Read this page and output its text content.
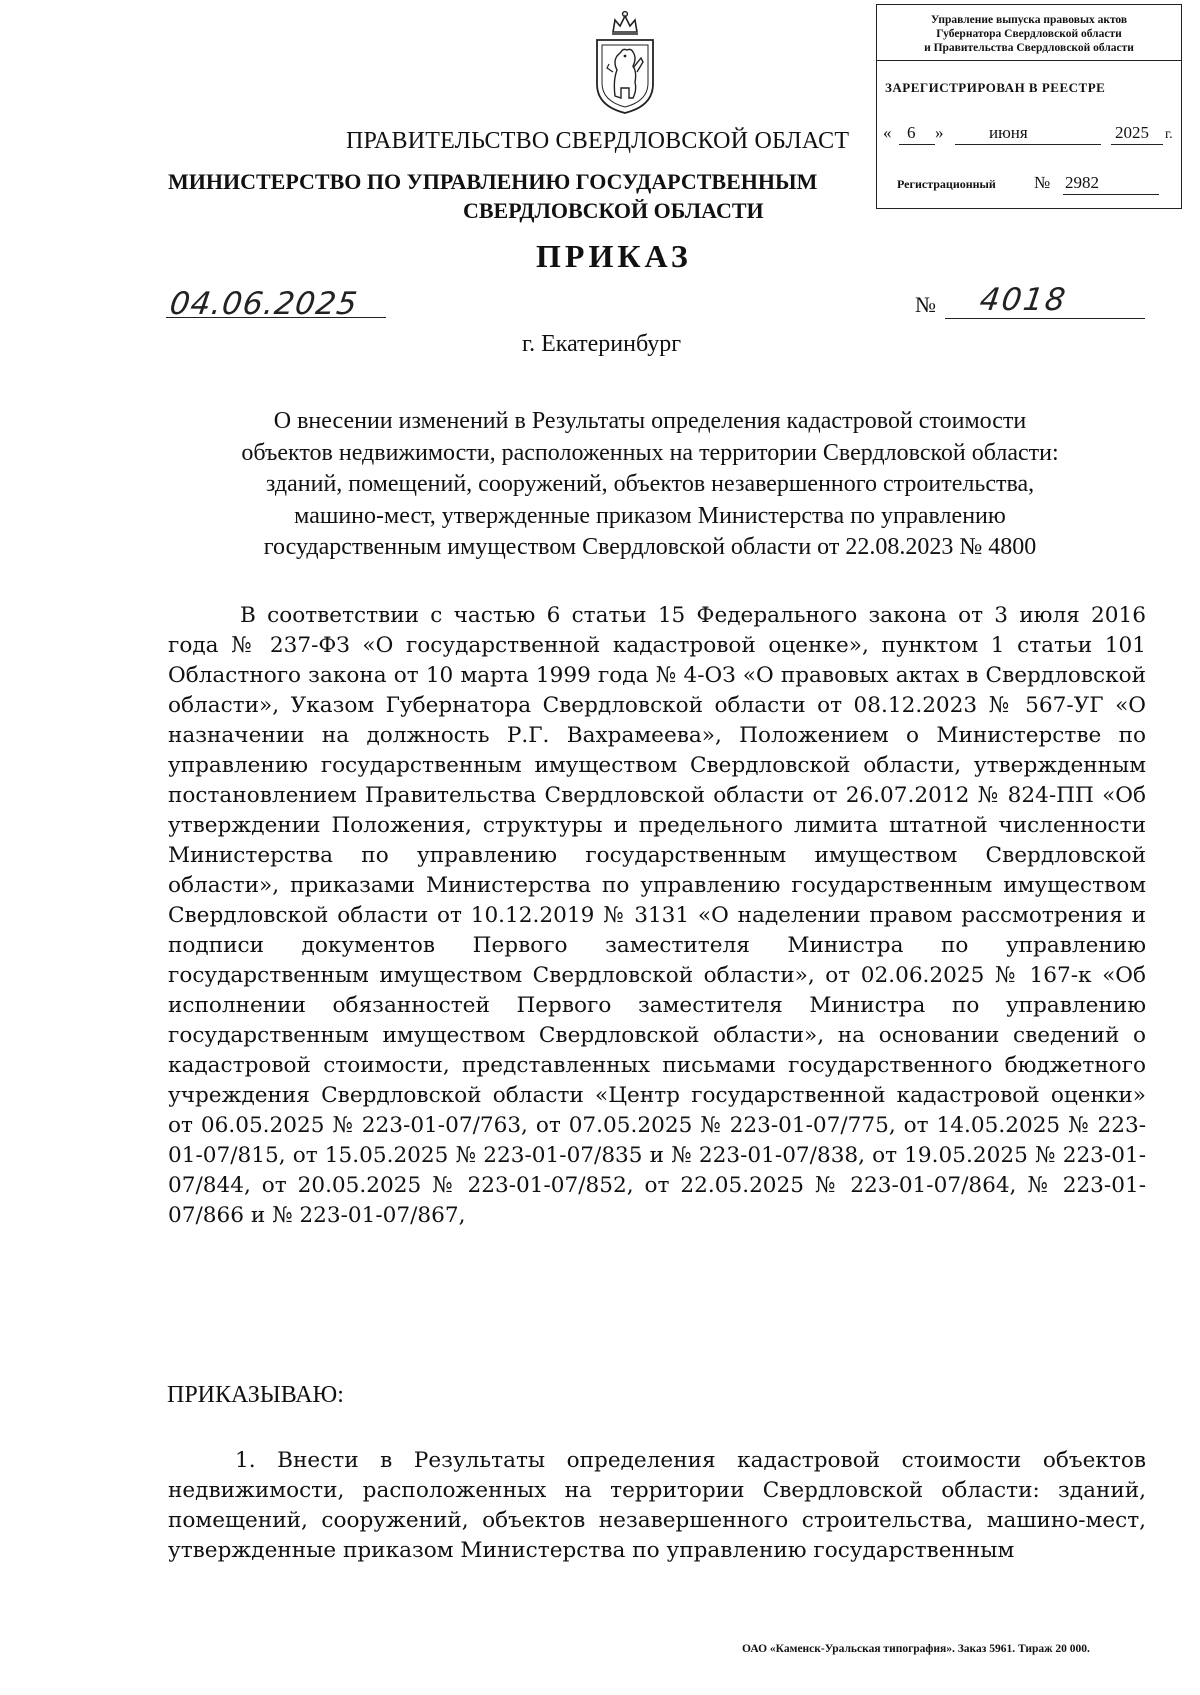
Управление выпуска правовых актов
Губернатора Свердловской области
и Правительства Свердловской области
ЗАРЕГИСТРИРОВАН В РЕЕСТРЕ
« 6 »	июня	2025 г.
Регистрационный № 2982
ПРАВИТЕЛЬСТВО СВЕРДЛОВСКОЙ ОБЛАСТ
МИНИСТЕРСТВО ПО УПРАВЛЕНИЮ ГОСУДАРСТВЕННЫМ
СВЕРДЛОВСКОЙ ОБЛАСТИ
ПРИКАЗ
04.06.2025	№ 4018
г. Екатеринбург
О внесении изменений в Результаты определения кадастровой стоимости
объектов недвижимости, расположенных на территории Свердловской области:
зданий, помещений, сооружений, объектов незавершенного строительства,
машино-мест, утвержденные приказом Министерства по управлению
государственным имуществом Свердловской области от 22.08.2023 № 4800
В соответствии с частью 6 статьи 15 Федерального закона от 3 июля 2016 года № 237-ФЗ «О государственной кадастровой оценке», пунктом 1 статьи 101 Областного закона от 10 марта 1999 года № 4-ОЗ «О правовых актах в Свердловской области», Указом Губернатора Свердловской области от 08.12.2023 № 567-УГ «О назначении на должность Р.Г. Вахрамеева», Положением о Министерстве по управлению государственным имуществом Свердловской области, утвержденным постановлением Правительства Свердловской области от 26.07.2012 № 824-ПП «Об утверждении Положения, структуры и предельного лимита штатной численности Министерства по управлению государственным имуществом Свердловской области», приказами Министерства по управлению государственным имуществом Свердловской области от 10.12.2019 № 3131 «О наделении правом рассмотрения и подписи документов Первого заместителя Министра по управлению государственным имуществом Свердловской области», от 02.06.2025 № 167-к «Об исполнении обязанностей Первого заместителя Министра по управлению государственным имуществом Свердловской области», на основании сведений о кадастровой стоимости, представленных письмами государственного бюджетного учреждения Свердловской области «Центр государственной кадастровой оценки» от 06.05.2025 № 223-01-07/763, от 07.05.2025 № 223-01-07/775, от 14.05.2025 № 223-01-07/815, от 15.05.2025 № 223-01-07/835 и № 223-01-07/838, от 19.05.2025 № 223-01-07/844, от 20.05.2025 № 223-01-07/852, от 22.05.2025 № 223-01-07/864, № 223-01-07/866 и № 223-01-07/867,
ПРИКАЗЫВАЮ:
1. Внести в Результаты определения кадастровой стоимости объектов недвижимости, расположенных на территории Свердловской области: зданий, помещений, сооружений, объектов незавершенного строительства, машино-мест, утвержденные приказом Министерства по управлению государственным
ОАО «Каменск-Уральская типография». Заказ 5961. Тираж 20 000.
